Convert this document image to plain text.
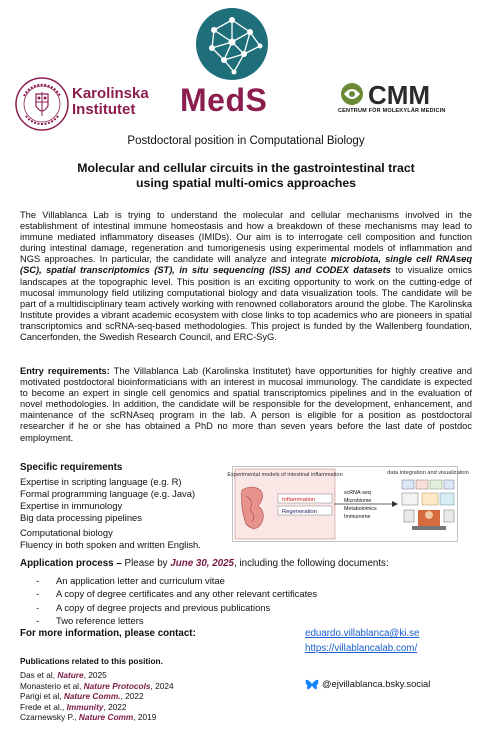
Karolinska
Institutet	MedS	CMM
CENTRUM FÖR MOLEKYLÄR MEDICIN
Postdoctoral position in Computational Biology
Molecular and cellular circuits in the gastrointestinal tract
using spatial multi-omics approaches
The Villablanca Lab is trying to understand the molecular and cellular mechanisms involved in the establishment of intestinal immune homeostasis and how a breakdown of these mechanisms may lead to immune mediated inflammatory diseases (IMIDs). Our aim is to interrogate cell composition and function during intestinal damage, regeneration and tumorigenesis using experimental models of inflammation and NGS approaches. In particular, the candidate will analyze and integrate microbiota, single cell RNAseq (SC), spatial transcriptomics (ST), in situ sequencing (ISS) and CODEX datasets to visualize omics landscapes at the topographic level. This position is an exciting opportunity to work on the cutting-edge of mucosal immunology field utilizing computational biology and data visualization tools. The candidate will be part of a multidisciplinary team actively working with renowned collaborators around the globe. The Karolinska Institute provides a vibrant academic ecosystem with close links to top academics who are pioneers in spatial transcriptomics and scRNA-seq-based methodologies. This project is funded by the Wallenberg foundation, Cancerfonden, the Swedish Research Council, and ERC-SyG.
Entry requirements: The Villablanca Lab (Karolinska Institutet) have opportunities for highly creative and motivated postdoctoral bioinformaticians with an interest in mucosal immunology. The candidate is expected to become an expert in single cell genomics and spatial transcriptomics pipelines and in the evaluation of novel methodologies. In addition, the candidate will be responsible for the development, enhancement, and maintenance of the scRNAseq program in the lab. A person is eligible for a position as postdoctoral researcher if he or she has obtained a PhD no more than seven years before the last date of postdoc employment.
Specific requirements
Expertise in scripting language (e.g. R)
Formal programming language (e.g. Java)
Expertise in immunology
Big data processing pipelines
Computational biology
Fluency in both spoken and written English.
Experimental models of intestinal inflammation
Inflammation
Regeneration
scRNA-seq
Microbiome
Metabolomics
Immunome
data integration and visualization
Application process – Please by June 30, 2025, including the following documents:
- An application letter and curriculum vitae
- A copy of degree certificates and any other relevant certificates
- A copy of degree projects and previous publications
- Two reference letters
For more information, please contact:	eduardo.villablanca@ki.se
https://villablancalab.com/
Publications related to this position.
Das et al, Nature, 2025
Monasterio et al, Nature Protocols, 2024
Parigi et al, Nature Comm., 2022
Frede et al., Immunity, 2022
Czarnewsky P., Nature Comm, 2019
@ejvillablanca.bsky.social
